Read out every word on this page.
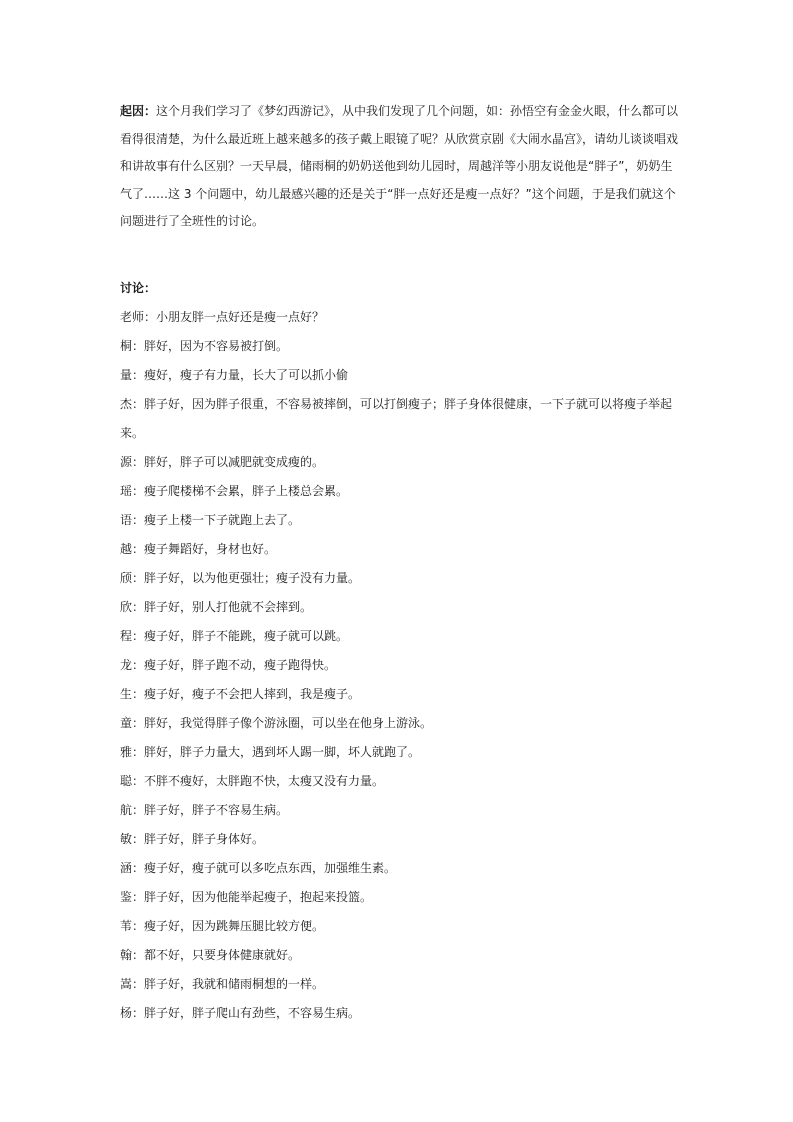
起因：这个月我们学习了《梦幻西游记》，从中我们发现了几个问题，如：孙悟空有金金火眼，什么都可以看得很清楚，为什么最近班上越来越多的孩子戴上眼镜了呢？从欣赏京剧《大闹水晶宫》，请幼儿谈谈唱戏和讲故事有什么区别？一天早晨，储雨桐的奶奶送他到幼儿园时，周越洋等小朋友说他是“胖子”，奶奶生气了……这 3 个问题中，幼儿最感兴趣的还是关于“胖一点好还是瘦一点好？”这个问题，于是我们就这个问题进行了全班性的讨论。

讨论：

老师：小朋友胖一点好还是瘦一点好？

桐：胖好，因为不容易被打倒。

量：瘦好，瘦子有力量，长大了可以抓小偷

杰：胖子好，因为胖子很重，不容易被摔倒，可以打倒瘦子；胖子身体很健康，一下子就可以将瘦子举起来。

源：胖好，胖子可以减肥就变成瘦的。

瑶：瘦子爬楼梯不会累，胖子上楼总会累。

语：瘦子上楼一下子就跑上去了。

越：瘦子舞蹈好，身材也好。

颀：胖子好，以为他更强壮；瘦子没有力量。

欣：胖子好，别人打他就不会摔到。

程：瘦子好，胖子不能跳，瘦子就可以跳。

龙：瘦子好，胖子跑不动，瘦子跑得快。

生：瘦子好，瘦子不会把人摔到，我是瘦子。

童：胖好，我觉得胖子像个游泳圈，可以坐在他身上游泳。

雅：胖好，胖子力量大，遇到坏人踢一脚，坏人就跑了。

聪：不胖不瘦好，太胖跑不快，太瘦又没有力量。

航：胖子好，胖子不容易生病。

敏：胖子好，胖子身体好。

涵：瘦子好，瘦子就可以多吃点东西，加强维生素。

鉴：胖子好，因为他能举起瘦子，抱起来投篮。

苇：瘦子好，因为跳舞压腿比较方便。

翰：都不好，只要身体健康就好。

嵩：胖子好，我就和储雨桐想的一样。

杨：胖子好，胖子爬山有劲些，不容易生病。
